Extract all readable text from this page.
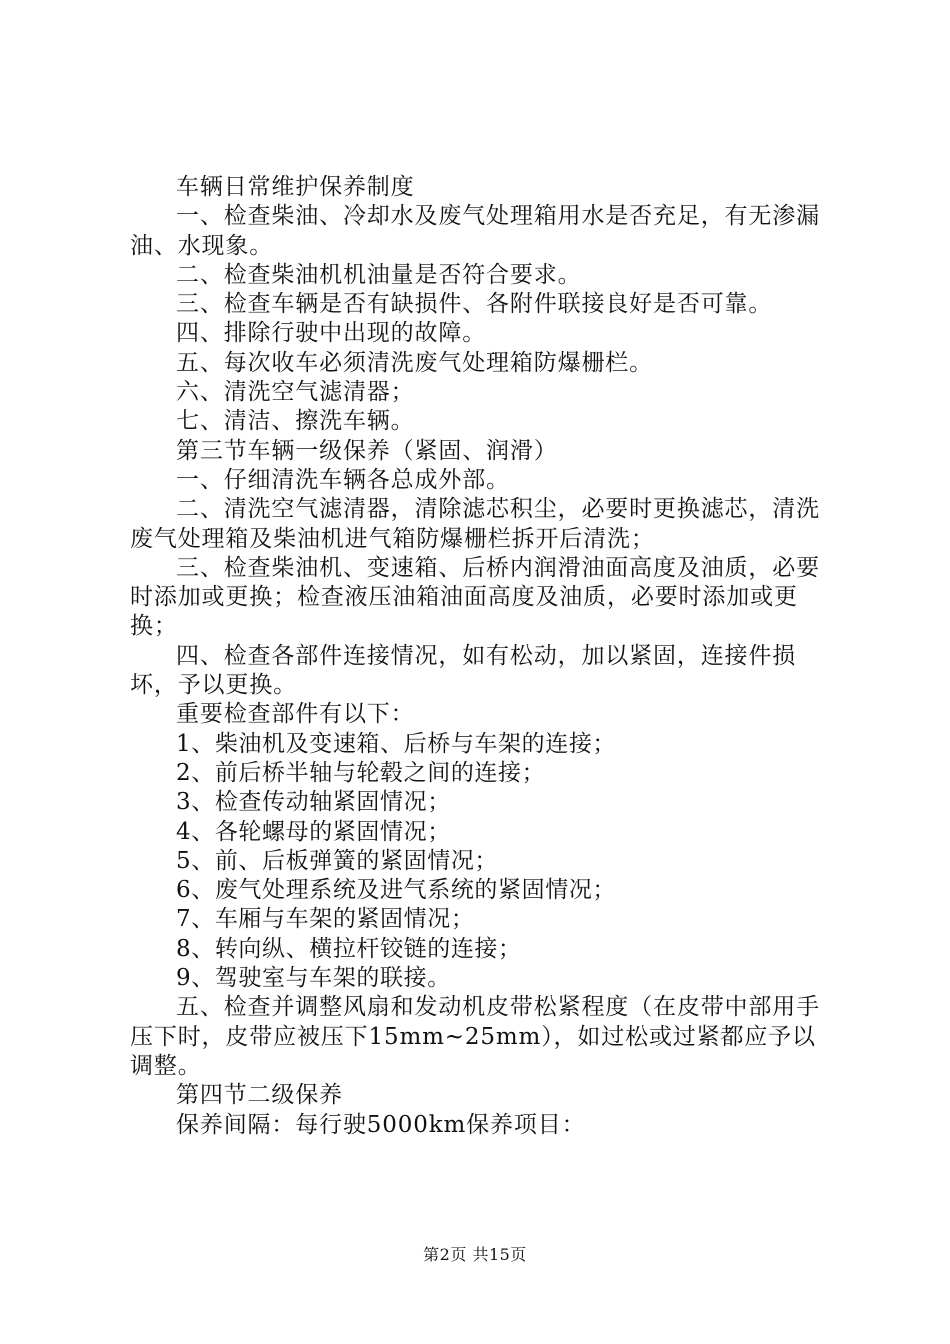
车辆日常维护保养制度

一、检查柴油、冷却水及废气处理箱用水是否充足，有无渗漏油、水现象。

二、检查柴油机机油量是否符合要求。

三、检查车辆是否有缺损件、各附件联接良好是否可靠。

四、排除行驶中出现的故障。

五、每次收车必须清洗废气处理箱防爆栅栏。

六、清洗空气滤清器；

七、清洁、擦洗车辆。

第三节车辆一级保养（紧固、润滑）

一、仔细清洗车辆各总成外部。

二、清洗空气滤清器，清除滤芯积尘，必要时更换滤芯，清洗废气处理箱及柴油机进气箱防爆栅栏拆开后清洗；

三、检查柴油机、变速箱、后桥内润滑油面高度及油质，必要时添加或更换；检查液压油箱油面高度及油质，必要时添加或更换；

四、检查各部件连接情况，如有松动，加以紧固，连接件损坏，予以更换。

重要检查部件有以下：

1、柴油机及变速箱、后桥与车架的连接；

2、前后桥半轴与轮毂之间的连接；

3、检查传动轴紧固情况；

4、各轮螺母的紧固情况；

5、前、后板弹簧的紧固情况；

6、废气处理系统及进气系统的紧固情况；

7、车厢与车架的紧固情况；

8、转向纵、横拉杆铰链的连接；

9、驾驶室与车架的联接。

五、检查并调整风扇和发动机皮带松紧程度（在皮带中部用手压下时，皮带应被压下15mm~25mm），如过松或过紧都应予以调整。

第四节二级保养

保养间隔：每行驶5000km保养项目：

第2页 共15页
